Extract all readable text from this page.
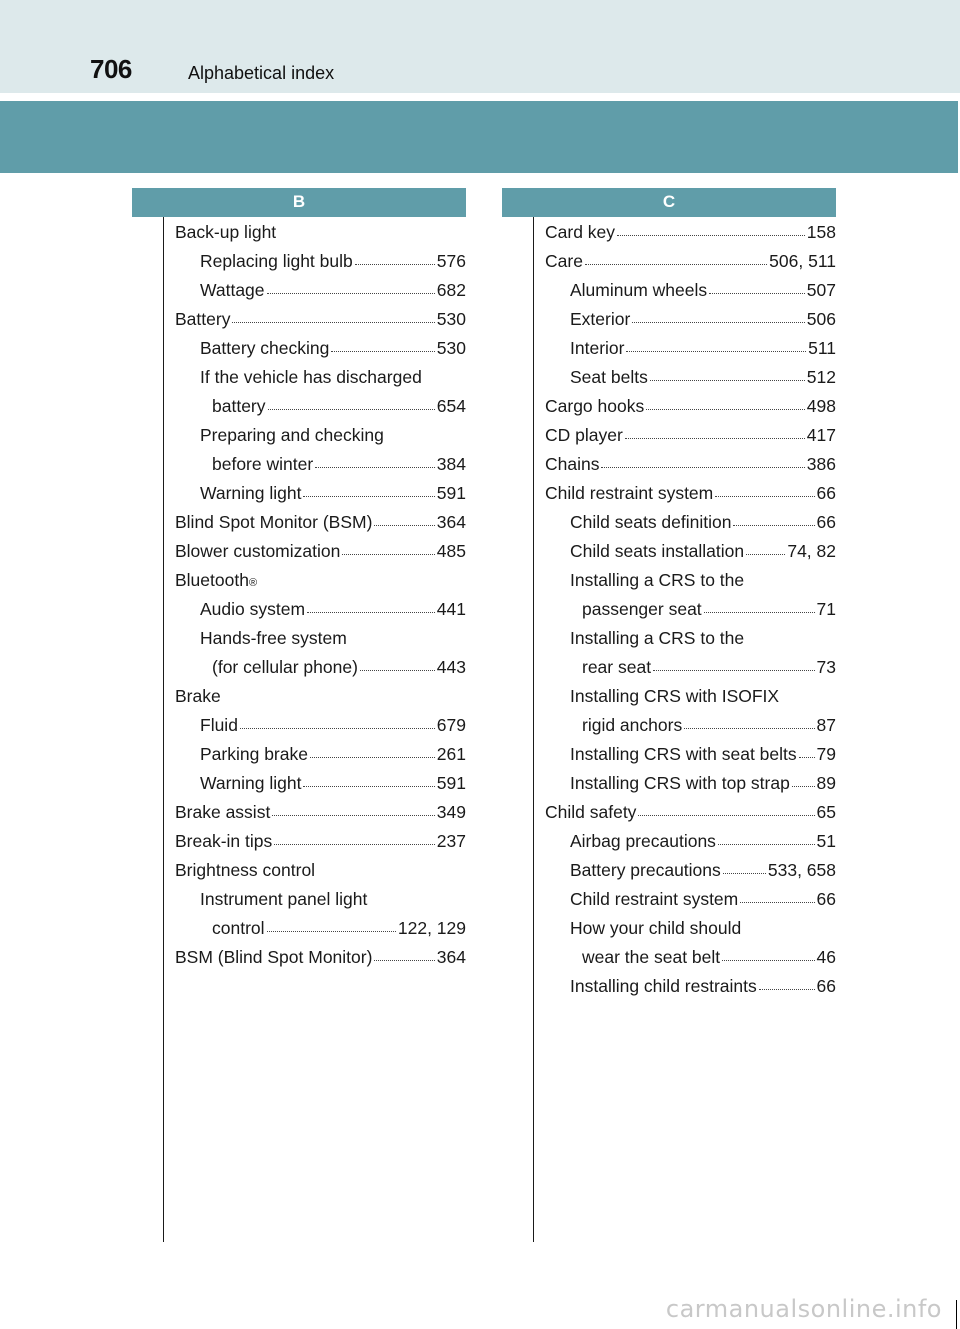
706	Alphabetical index
B	C
Back-up light
Replacing light bulb	576
Wattage	682
Battery	530
Battery checking	530
If the vehicle has discharged
battery	654
Preparing and checking
before winter	384
Warning light	591
Blind Spot Monitor (BSM)	364
Blower customization	485
Bluetooth ®
Audio system	441
Hands-free system
(for cellular phone)	443
Brake
Fluid	679
Parking brake	261
Warning light	591
Brake assist	349
Break-in tips	237
Brightness control
Instrument panel light
control	122, 129
BSM (Blind Spot Monitor)	364
Card key	158
Care	506, 511
Aluminum wheels	507
Exterior	506
Interior	511
Seat belts	512
Cargo hooks	498
CD player	417
Chains	386
Child restraint system	66
Child seats definition	66
Child seats installation 74, 82
Installing a CRS to the
passenger seat	71
Installing a CRS to the
rear seat	73
Installing CRS with ISOFIX
rigid anchors	87
Installing CRS with seat belts 79
Installing CRS with top strap 89
Child safety	65
Airbag precautions	51
Battery precautions	533, 658
Child restraint system	66
How your child should
wear the seat belt	46
Installing child restraints	66
carmanualsonline.info
